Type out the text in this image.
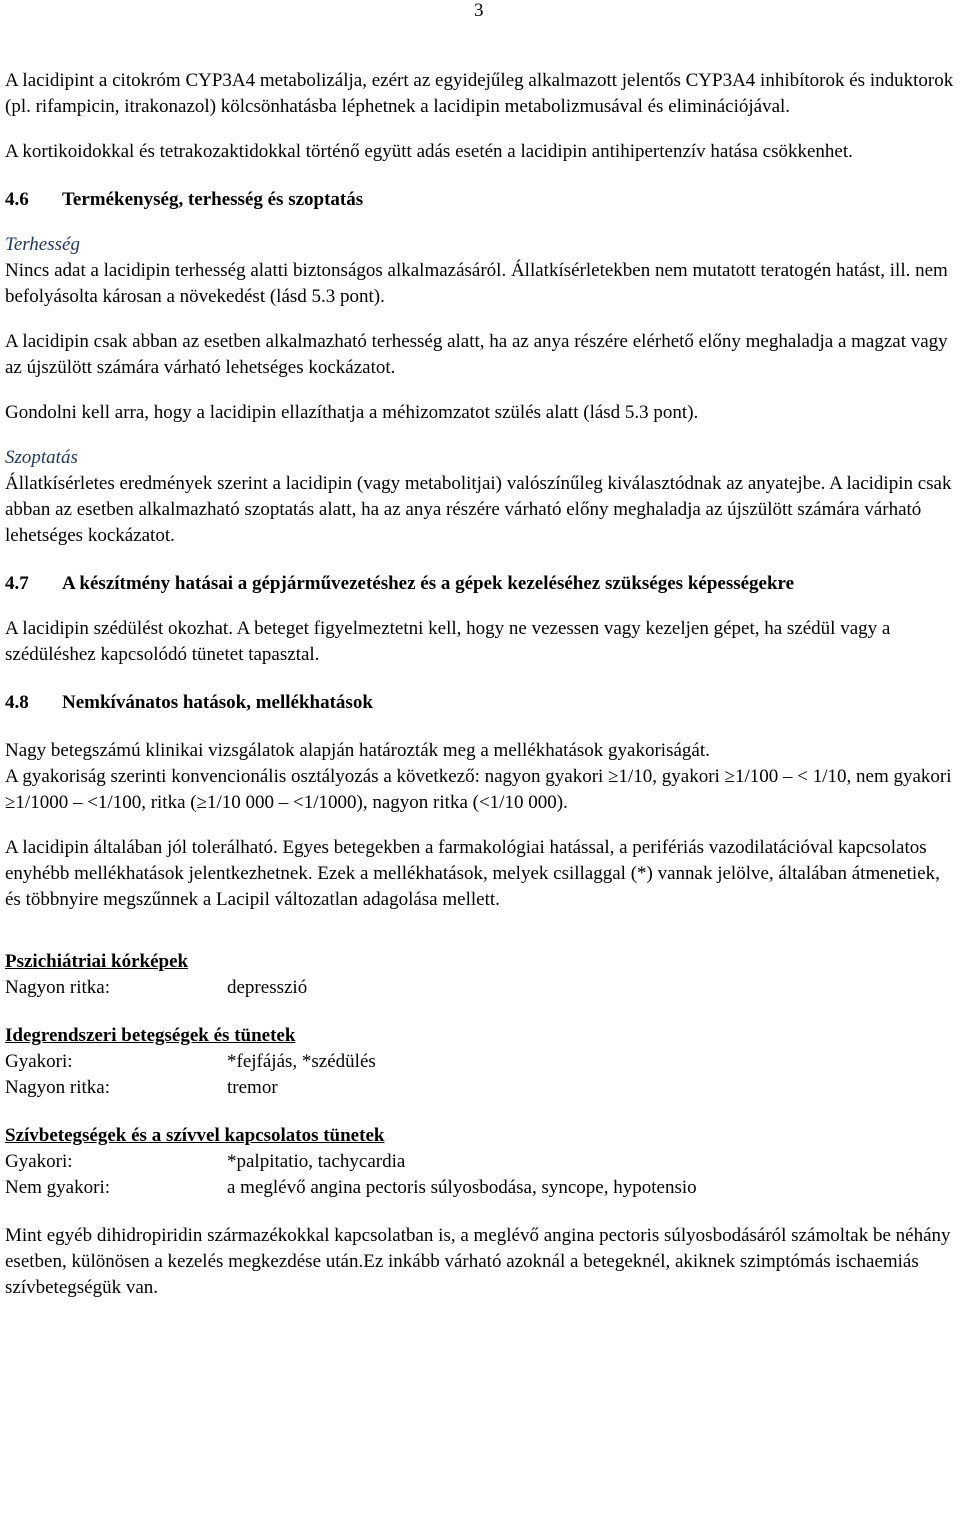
3

A lacidipint a citokróm CYP3A4 metabolizálja, ezért az egyidejűleg alkalmazott jelentős CYP3A4 inhibítorok és induktorok (pl. rifampicin, itrakonazol) kölcsönhatásba léphetnek a lacidipin metabolizmusával és eliminációjával.

A kortikoidokkal és tetrakozaktidokkal történő együtt adás esetén a lacidipin antihipertenzív hatása csökkenhet.

4.6 Termékenység, terhesség és szoptatás

Terhesség

Nincs adat a lacidipin terhesség alatti biztonságos alkalmazásáról. Állatkísérletekben nem mutatott teratogén hatást, ill. nem befolyásolta károsan a növekedést (lásd 5.3 pont).

A lacidipin csak abban az esetben alkalmazható terhesség alatt, ha az anya részére elérhető előny meghaladja a magzat vagy az újszülött számára várható lehetséges kockázatot.

Gondolni kell arra, hogy a lacidipin ellazíthatja a méhizomzatot szülés alatt (lásd 5.3 pont).

Szoptatás

Állatkísérletes eredmények szerint a lacidipin (vagy metabolitjai) valószínűleg kiválasztódnak az anyatejbe. A lacidipin csak abban az esetben alkalmazható szoptatás alatt, ha az anya részére várható előny meghaladja az újszülött számára várható lehetséges kockázatot.

4.7 A készítmény hatásai a gépjárművezetéshez és a gépek kezeléséhez szükséges képességekre

A lacidipin szédülést okozhat. A beteget figyelmeztetni kell, hogy ne vezessen vagy kezeljen gépet, ha szédül vagy a szédüléshez kapcsolódó tünetet tapasztal.

4.8 Nemkívánatos hatások, mellékhatások

Nagy betegszámú klinikai vizsgálatok alapján határozták meg a mellékhatások gyakoriságát.

A gyakoriság szerinti konvencionális osztályozás a következő: nagyon gyakori ≥1/10, gyakori ≥1/100 – < 1/10, nem gyakori ≥1/1000 – <1/100, ritka (≥1/10 000 – <1/1000), nagyon ritka (<1/10 000).

A lacidipin általában jól tolerálható. Egyes betegekben a farmakológiai hatással, a perifériás vazodilatációval kapcsolatos enyhébb mellékhatások jelentkezhetnek. Ezek a mellékhatások, melyek csillaggal (*) vannak jelölve, általában átmenetiek, és többnyire megszűnnek a Lacipil változatlan adagolása mellett.

Pszichiátriai kórképek
Nagyon ritka:	depresszió
Idegrendszeri betegségek és tünetek
Gyakori:	*fejfájás, *szédülés
Nagyon ritka:	tremor
Szívbetegségek és a szívvel kapcsolatos tünetek
Gyakori:	*palpitatio, tachycardia
Nem gyakori:	a meglévő angina pectoris súlyosbodása, syncope, hypotensio

Mint egyéb dihidropiridin származékokkal kapcsolatban is, a meglévő angina pectoris súlyosbodásáról számoltak be néhány esetben, különösen a kezelés megkezdése után.Ez inkább várható azoknál a betegeknél, akiknek szimptómás ischaemiás szívbetegségük van.
